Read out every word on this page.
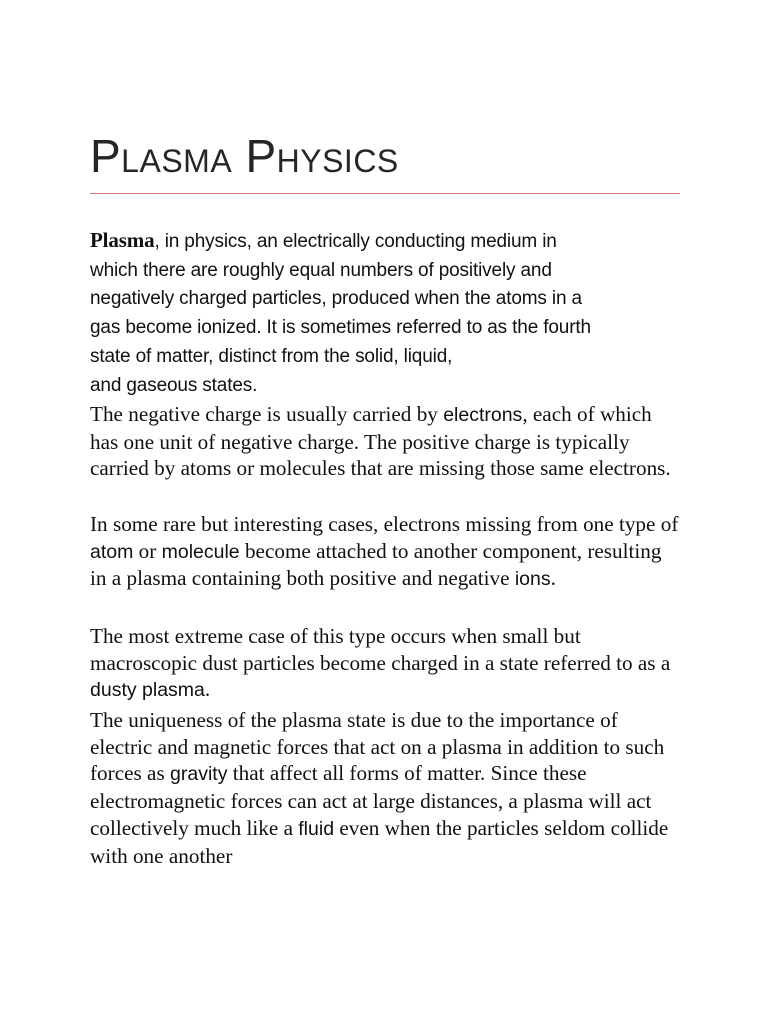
Plasma Physics

Plasma, in physics, an electrically conducting medium in
which there are roughly equal numbers of positively and
negatively charged particles, produced when the atoms in a
gas become ionized. It is sometimes referred to as the fourth
state of matter, distinct from the solid, liquid,
and gaseous states.

The negative charge is usually carried by electrons, each of which has one unit of negative charge. The positive charge is typically carried by atoms or molecules that are missing those same electrons.

In some rare but interesting cases, electrons missing from one type of atom or molecule become attached to another component, resulting in a plasma containing both positive and negative ions.

The most extreme case of this type occurs when small but macroscopic dust particles become charged in a state referred to as a dusty plasma.

The uniqueness of the plasma state is due to the importance of electric and magnetic forces that act on a plasma in addition to such forces as gravity that affect all forms of matter. Since these electromagnetic forces can act at large distances, a plasma will act collectively much like a fluid even when the particles seldom collide with one another
